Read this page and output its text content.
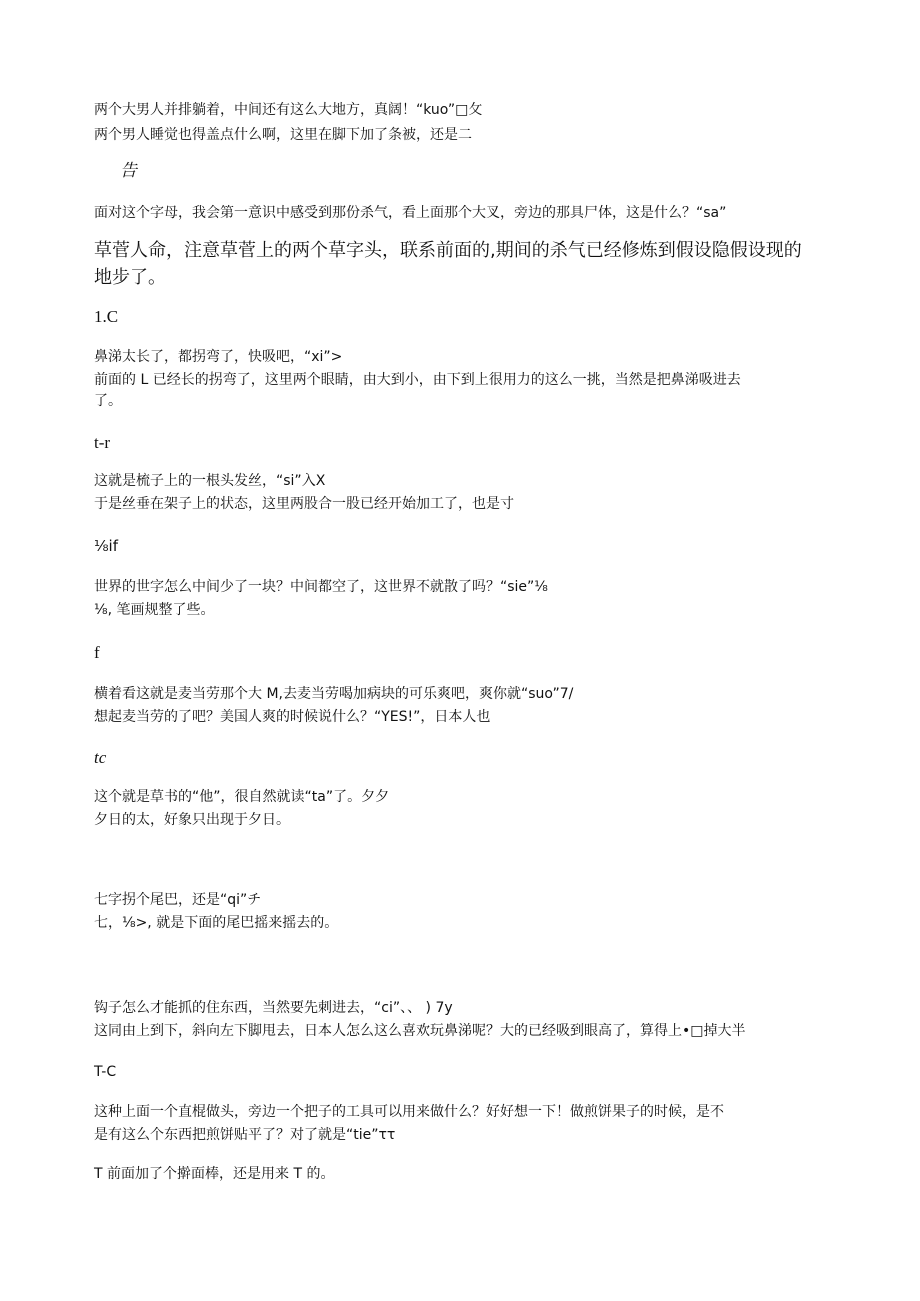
两个大男人并排躺着，中间还有这么大地方，真阔！“kuo”□攵
两个男人睡觉也得盖点什么啊，这里在脚下加了条被，还是二
告
面对这个字母，我会第一意识中感受到那份杀气，看上面那个大叉，旁边的那具尸体，这是什么？“sa”
草菅人命，注意草菅上的两个草字头，联系前面的,期间的杀气已经修炼到假设隐假设现的
地步了。
1.C
鼻涕太长了，都拐弯了，快吸吧，“xi”>
前面的 L 已经长的拐弯了，这里两个眼睛，由大到小，由下到上很用力的这么一挑，当然是把鼻涕吸进去
了。
t-r
这就是梳子上的一根头发丝，“si”入X
于是丝垂在架子上的状态，这里两股合一股已经开始加工了，也是寸
⅛if
世界的世字怎么中间少了一块？中间都空了，这世界不就散了吗？“sie”⅛
⅛, 笔画规整了些。
f
横着看这就是麦当劳那个大 M,去麦当劳喝加病块的可乐爽吧，爽你就“suo”7/
想起麦当劳的了吧？美国人爽的时候说什么？“YES!”，日本人也
tc
这个就是草书的“他”，很自然就读“ta”了。夕夕
夕日的太，好象只出现于夕日。
七字拐个尾巴，还是“qi”チ
七，⅛>, 就是下面的尾巴摇来摇去的。
钩子怎么才能抓的住东西，当然要先刺进去，“ci”、、 ) 7y
这同由上到下，斜向左下脚甩去，日本人怎么这么喜欢玩鼻涕呢？大的已经吸到眼高了，算得上•□掉大半
T-C
这种上面一个直棍做头，旁边一个把子的工具可以用来做什么？好好想一下！做煎饼果子的时候，是不
是有这么个东西把煎饼贴平了？对了就是“tie”ττ
T 前面加了个擀面棒，还是用来 T 的。
